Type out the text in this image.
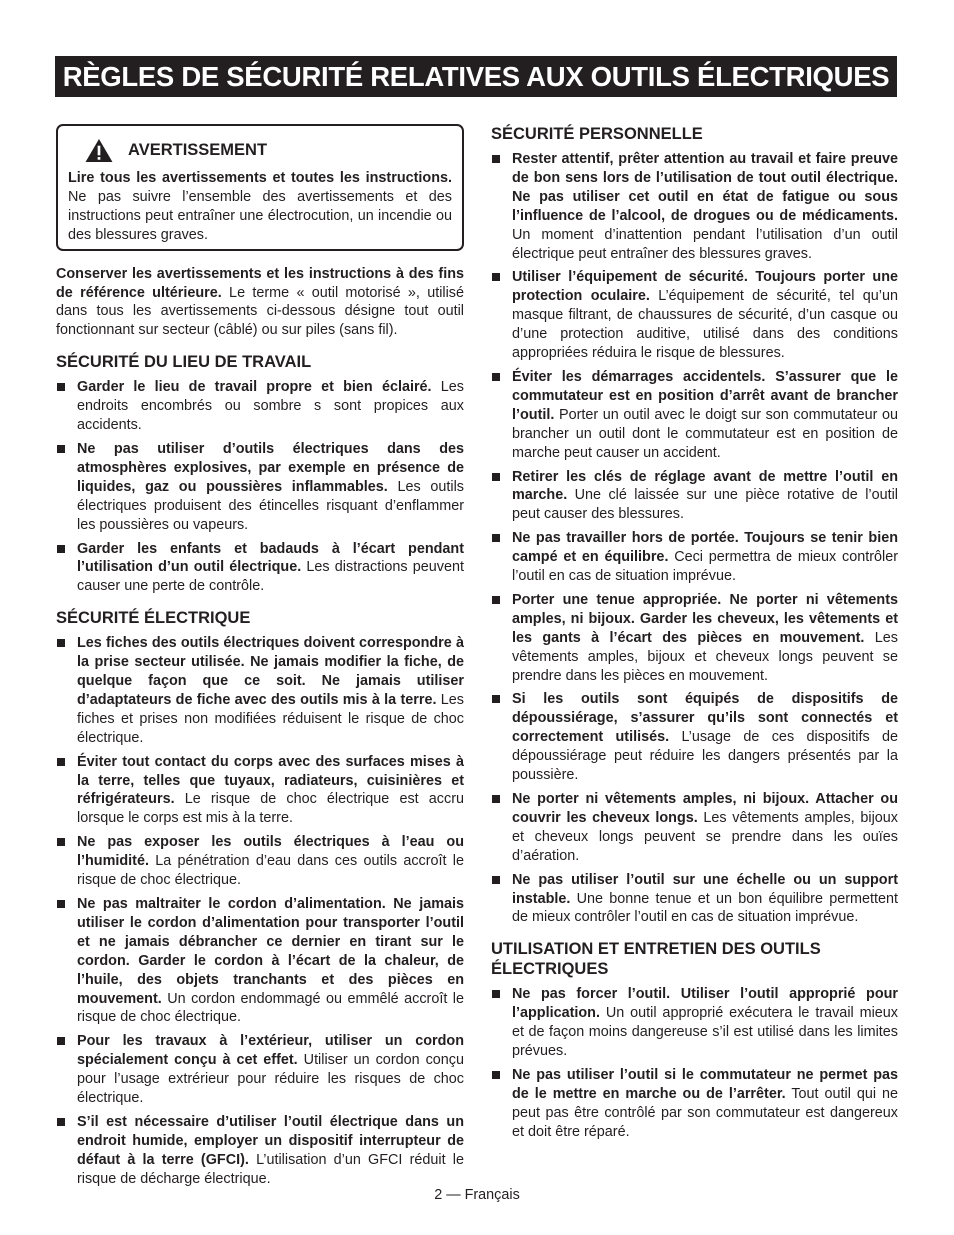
RÈGLES DE SÉCURITÉ RELATIVES AUX OUTILS ÉLECTRIQUES
AVERTISSEMENT

Lire tous les avertissements et toutes les instructions. Ne pas suivre l’ensemble des avertissements et des instructions peut entraîner une électrocution, un incendie ou des blessures graves.

Conserver les avertissements et les instructions à des fins de référence ultérieure. Le terme « outil motorisé », utilisé dans tous les avertissements ci-dessous désigne tout outil fonctionnant sur secteur (câblé) ou sur piles (sans fil).

SÉCURITÉ DU LIEU DE TRAVAIL
Garder le lieu de travail propre et bien éclairé. Les endroits encombrés ou sombre s sont propices aux accidents.
Ne pas utiliser d’outils électriques dans des atmosphères explosives, par exemple en présence de liquides, gaz ou poussières inflammables. Les outils électriques produisent des étincelles risquant d’enflammer les poussières ou vapeurs.
Garder les enfants et badauds à l’écart pendant l’utilisation d’un outil électrique. Les distractions peuvent causer une perte de contrôle.
SÉCURITÉ ÉLECTRIQUE
Les fiches des outils électriques doivent correspondre à la prise secteur utilisée. Ne jamais modifier la fiche, de quelque façon que ce soit. Ne jamais utiliser d’adaptateurs de fiche avec des outils mis à la terre. Les fiches et prises non modifiées réduisent le risque de choc électrique.
Éviter tout contact du corps avec des surfaces mises à la terre, telles que tuyaux, radiateurs, cuisinières et réfrigérateurs. Le risque de choc électrique est accru lorsque le corps est mis à la terre.
Ne pas exposer les outils électriques à l’eau ou l’humidité. La pénétration d’eau dans ces outils accroît le risque de choc électrique.
Ne pas maltraiter le cordon d’alimentation. Ne jamais utiliser le cordon d’alimentation pour transporter l’outil et ne jamais débrancher ce dernier en tirant sur le cordon. Garder le cordon à l’écart de la chaleur, de l’huile, des objets tranchants et des pièces en mouvement. Un cordon endommagé ou emmêlé accroît le risque de choc électrique.
Pour les travaux à l’extérieur, utiliser un cordon spécialement conçu à cet effet. Utiliser un cordon conçu pour l’usage extrérieur pour réduire les risques de choc électrique.
S’il est nécessaire d’utiliser l’outil électrique dans un endroit humide, employer un dispositif interrupteur de défaut à la terre (GFCI). L’utilisation d’un GFCI réduit le risque de décharge électrique.
SÉCURITÉ PERSONNELLE
Rester attentif, prêter attention au travail et faire preuve de bon sens lors de l’utilisation de tout outil électrique. Ne pas utiliser cet outil en état de fatigue ou sous l’influence de l’alcool, de drogues ou de médicaments. Un moment d’inattention pendant l’utilisation d’un outil électrique peut entraîner des blessures graves.
Utiliser l’équipement de sécurité. Toujours porter une protection oculaire. L’équipement de sécurité, tel qu’un masque filtrant, de chaussures de sécurité, d’un casque ou d’une protection auditive, utilisé dans des conditions appropriées réduira le risque de blessures.
Éviter les démarrages accidentels. S’assurer que le commutateur est en position d’arrêt avant de brancher l’outil. Porter un outil avec le doigt sur son commutateur ou brancher un outil dont le commutateur est en position de marche peut causer un accident.
Retirer les clés de réglage avant de mettre l’outil en marche. Une clé laissée sur une pièce rotative de l’outil peut causer des blessures.
Ne pas travailler hors de portée. Toujours se tenir bien campé et en équilibre. Ceci permettra de mieux contrôler l’outil en cas de situation imprévue.
Porter une tenue appropriée. Ne porter ni vêtements amples, ni bijoux. Garder les cheveux, les vêtements et les gants à l’écart des pièces en mouvement. Les vêtements amples, bijoux et cheveux longs peuvent se prendre dans les pièces en mouvement.
Si les outils sont équipés de dispositifs de dépoussiérage, s’assurer qu’ils sont connectés et correctement utilisés. L’usage de ces dispositifs de dépoussiérage peut réduire les dangers présentés par la poussière.
Ne porter ni vêtements amples, ni bijoux. Attacher ou couvrir les cheveux longs. Les vêtements amples, bijoux et cheveux longs peuvent se prendre dans les ouïes d’aération.
Ne pas utiliser l’outil sur une échelle ou un support instable. Une bonne tenue et un bon équilibre permettent de mieux contrôler l’outil en cas de situation imprévue.
UTILISATION ET ENTRETIEN DES OUTILS ÉLECTRIQUES
Ne pas forcer l’outil. Utiliser l’outil approprié pour l’application. Un outil approprié exécutera le travail mieux et de façon moins dangereuse s’il est utilisé dans les limites prévues.
Ne pas utiliser l’outil si le commutateur ne permet pas de le mettre en marche ou de l’arrêter. Tout outil qui ne peut pas être contrôlé par son commutateur est dangereux et doit être réparé.
2 — Français
